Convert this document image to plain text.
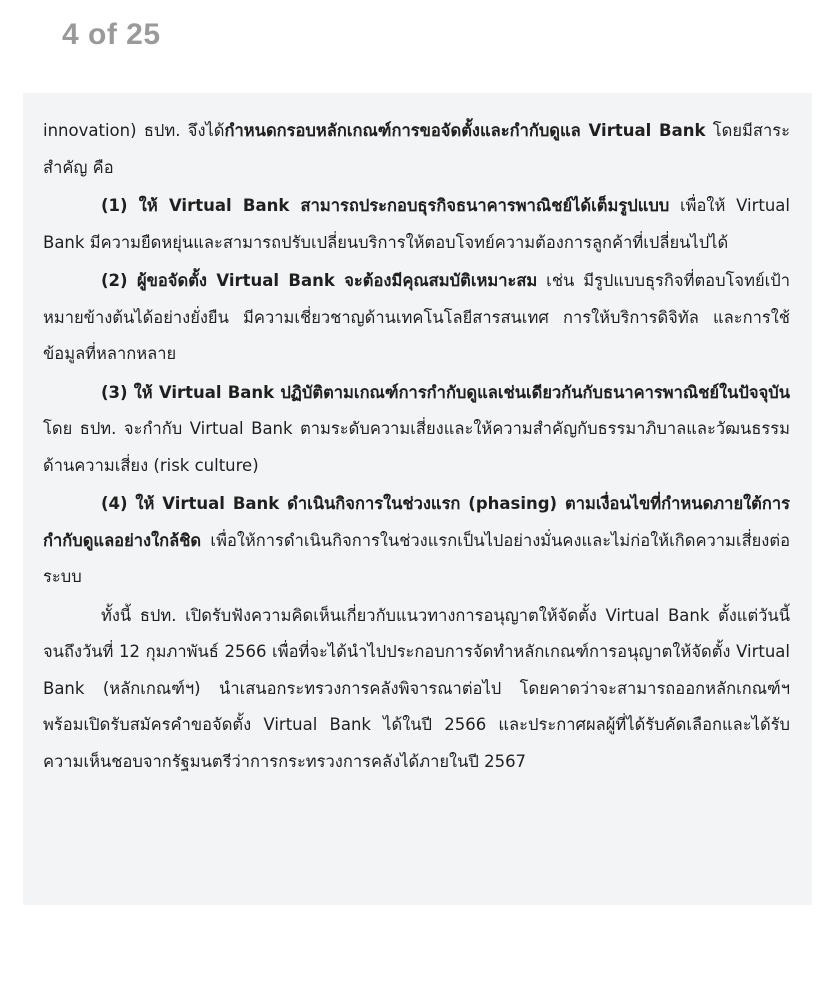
4 of 25

innovation) ธปท. จึงได้กำหนดกรอบหลักเกณฑ์การขอจัดตั้งและกำกับดูแล Virtual Bank โดยมีสาระสำคัญ คือ

(1) ให้ Virtual Bank สามารถประกอบธุรกิจธนาคารพาณิชย์ได้เต็มรูปแบบ เพื่อให้ Virtual Bank มีความยืดหยุ่นและสามารถปรับเปลี่ยนบริการให้ตอบโจทย์ความต้องการลูกค้าที่เปลี่ยนไปได้

(2) ผู้ขอจัดตั้ง Virtual Bank จะต้องมีคุณสมบัติเหมาะสม เช่น มีรูปแบบธุรกิจที่ตอบโจทย์เป้าหมายข้างต้นได้อย่างยั่งยืน มีความเชี่ยวชาญด้านเทคโนโลยีสารสนเทศ การให้บริการดิจิทัล และการใช้ข้อมูลที่หลากหลาย

(3) ให้ Virtual Bank ปฏิบัติตามเกณฑ์การกำกับดูแลเช่นเดียวกันกับธนาคารพาณิชย์ในปัจจุบัน โดย ธปท. จะกำกับ Virtual Bank ตามระดับความเสี่ยงและให้ความสำคัญกับธรรมาภิบาลและวัฒนธรรมด้านความเสี่ยง (risk culture)

(4) ให้ Virtual Bank ดำเนินกิจการในช่วงแรก (phasing) ตามเงื่อนไขที่กำหนดภายใต้การกำกับดูแลอย่างใกล้ชิด เพื่อให้การดำเนินกิจการในช่วงแรกเป็นไปอย่างมั่นคงและไม่ก่อให้เกิดความเสี่ยงต่อระบบ

ทั้งนี้ ธปท. เปิดรับฟังความคิดเห็นเกี่ยวกับแนวทางการอนุญาตให้จัดตั้ง Virtual Bank ตั้งแต่วันนี้จนถึงวันที่ 12 กุมภาพันธ์ 2566 เพื่อที่จะได้นำไปประกอบการจัดทำหลักเกณฑ์การอนุญาตให้จัดตั้ง Virtual Bank (หลักเกณฑ์ฯ) นำเสนอกระทรวงการคลังพิจารณาต่อไป โดยคาดว่าจะสามารถออกหลักเกณฑ์ฯ พร้อมเปิดรับสมัครคำขอจัดตั้ง Virtual Bank ได้ในปี 2566 และประกาศผลผู้ที่ได้รับคัดเลือกและได้รับความเห็นชอบจากรัฐมนตรีว่าการกระทรวงการคลังได้ภายในปี 2567
